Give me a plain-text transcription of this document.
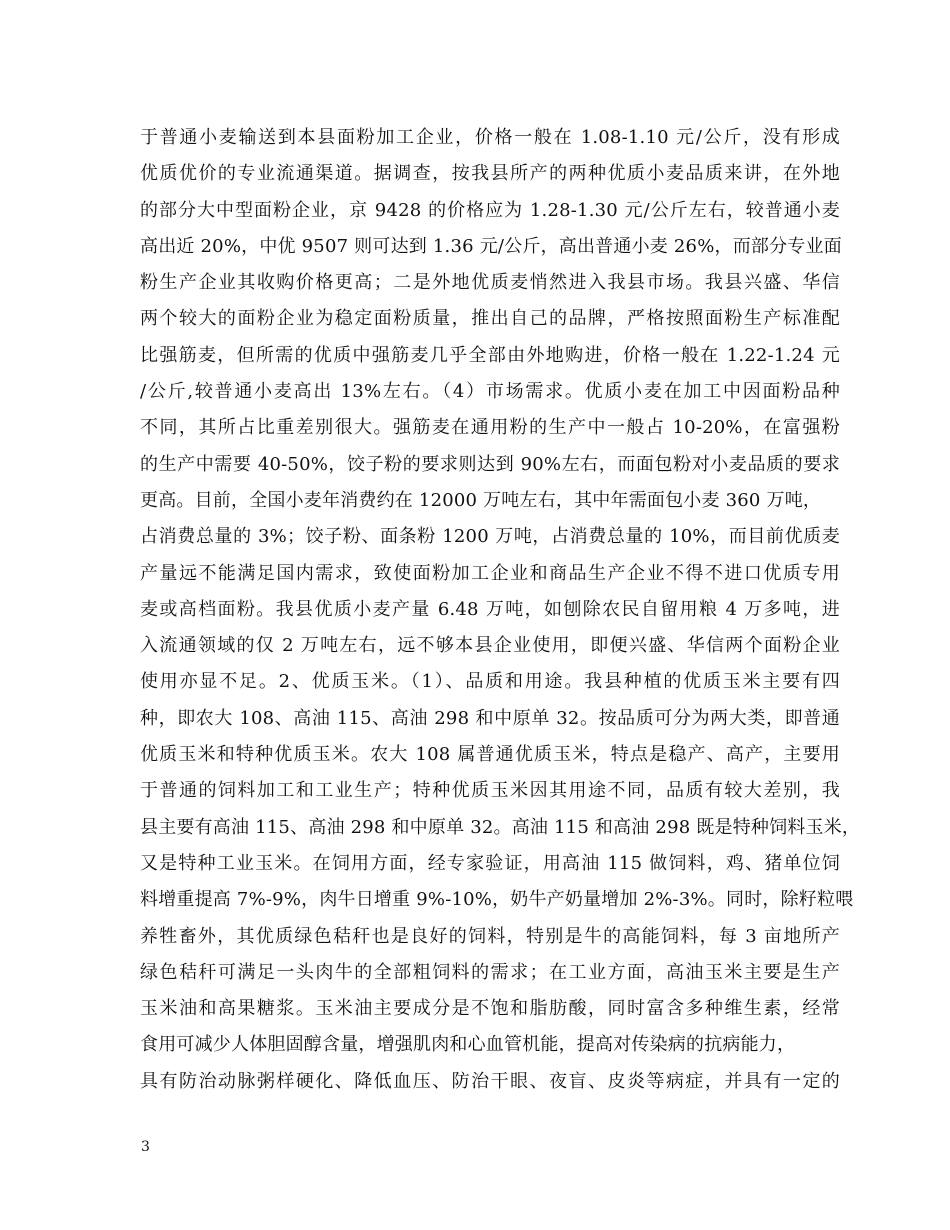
于普通小麦输送到本县面粉加工企业，价格一般在 1.08-1.10 元/公斤，没有形成
优质优价的专业流通渠道。据调查，按我县所产的两种优质小麦品质来讲，在外地
的部分大中型面粉企业，京 9428 的价格应为 1.28-1.30 元/公斤左右，较普通小麦
高出近 20%，中优 9507 则可达到 1.36 元/公斤，高出普通小麦 26%，而部分专业面
粉生产企业其收购价格更高；二是外地优质麦悄然进入我县市场。我县兴盛、华信
两个较大的面粉企业为稳定面粉质量，推出自己的品牌，严格按照面粉生产标准配
比强筋麦，但所需的优质中强筋麦几乎全部由外地购进，价格一般在 1.22-1.24 元
/公斤,较普通小麦高出 13%左右。（4）市场需求。优质小麦在加工中因面粉品种
不同，其所占比重差别很大。强筋麦在通用粉的生产中一般占 10-20%，在富强粉
的生产中需要 40-50%，饺子粉的要求则达到 90%左右，而面包粉对小麦品质的要求
更高。目前，全国小麦年消费约在 12000 万吨左右，其中年需面包小麦 360 万吨，
占消费总量的 3%；饺子粉、面条粉 1200 万吨，占消费总量的 10%，而目前优质麦
产量远不能满足国内需求，致使面粉加工企业和商品生产企业不得不进口优质专用
麦或高档面粉。我县优质小麦产量 6.48 万吨，如刨除农民自留用粮 4 万多吨，进
入流通领域的仅 2 万吨左右，远不够本县企业使用，即便兴盛、华信两个面粉企业
使用亦显不足。2、优质玉米。（1）、品质和用途。我县种植的优质玉米主要有四
种，即农大 108、高油 115、高油 298 和中原单 32。按品质可分为两大类，即普通
优质玉米和特种优质玉米。农大 108 属普通优质玉米，特点是稳产、高产，主要用
于普通的饲料加工和工业生产；特种优质玉米因其用途不同，品质有较大差别，我
县主要有高油 115、高油 298 和中原单 32。高油 115 和高油 298 既是特种饲料玉米，
又是特种工业玉米。在饲用方面，经专家验证，用高油 115 做饲料，鸡、猪单位饲
料增重提高 7%-9%，肉牛日增重 9%-10%，奶牛产奶量增加 2%-3%。同时，除籽粒喂
养牲畜外，其优质绿色秸秆也是良好的饲料，特别是牛的高能饲料，每 3 亩地所产
绿色秸秆可满足一头肉牛的全部粗饲料的需求；在工业方面，高油玉米主要是生产
玉米油和高果糖浆。玉米油主要成分是不饱和脂肪酸，同时富含多种维生素，经常
食用可减少人体胆固醇含量，增强肌肉和心血管机能，提高对传染病的抗病能力，
具有防治动脉粥样硬化、降低血压、防治干眼、夜盲、皮炎等病症，并具有一定的
3
